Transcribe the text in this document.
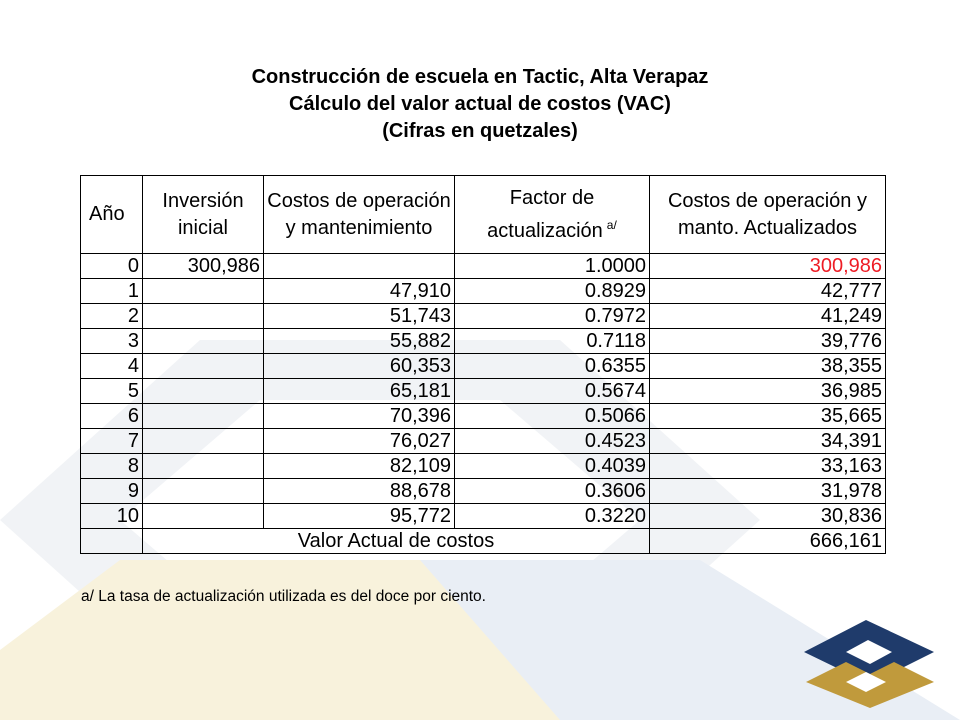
Construcción de escuela en Tactic, Alta Verapaz
Cálculo del valor actual de costos (VAC)
(Cifras en quetzales)
Año	Inversión inicial	Costos de operación y mantenimiento	Factor de actualización $^{a/}$	Costos de operación y manto. Actualizados
0	300,986		1.0000	300,986
1		47,910	0.8929	42,777
2		51,743	0.7972	41,249
3		55,882	0.7118	39,776
4		60,353	0.6355	38,355
5		65,181	0.5674	36,985
6		70,396	0.5066	35,665
7		76,027	0.4523	34,391
8		82,109	0.4039	33,163
9		88,678	0.3606	31,978
10		95,772	0.3220	30,836
	Valor Actual de costos			666,161
a/ La tasa de actualización utilizada es del doce por ciento.
